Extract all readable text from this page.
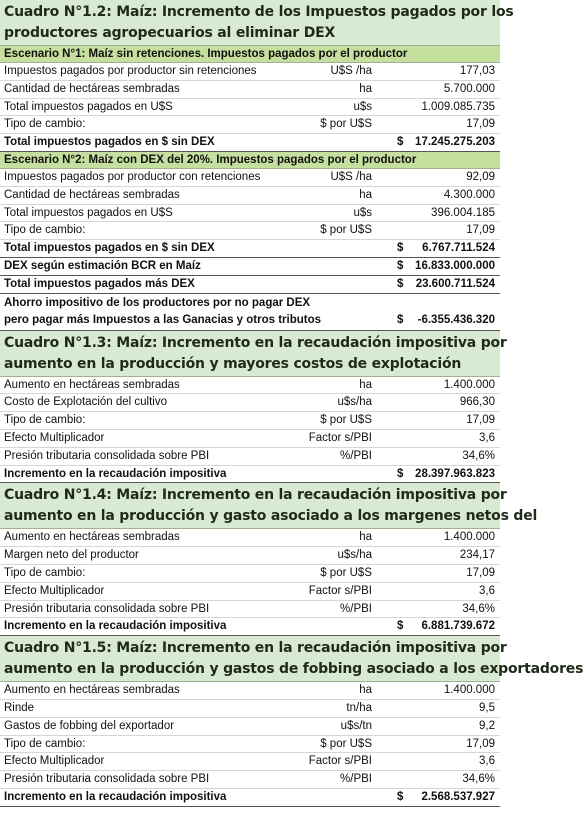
Cuadro N°1.2: Maíz: Incremento de los Impuestos pagados por los
productores agropecuarios al eliminar DEX
Escenario N°1: Maíz sin retenciones. Impuestos pagados por el productor
Impuestos pagados por productor sin retenciones	U$S /ha	177,03
Cantidad de hectáreas sembradas	ha	5.700.000
Total impuestos pagados en U$S	u$s	1.009.085.735
Tipo de cambio:	$ por U$S	17,09
Total impuestos pagados en $ sin DEX	$ 17.245.275.203
Escenario N°2: Maíz con DEX del 20%. Impuestos pagados por el productor
Impuestos pagados por productor con retenciones	U$S /ha	92,09
Cantidad de hectáreas sembradas	ha	4.300.000
Total impuestos pagados en U$S	u$s	396.004.185
Tipo de cambio:	$ por U$S	17,09
Total impuestos pagados en $ sin DEX	$ 6.767.711.524
DEX según estimación BCR en Maíz	$ 16.833.000.000
Total impuestos pagados más DEX	$ 23.600.711.524
Ahorro impositivo de los productores por no pagar DEX
pero pagar más Impuestos a las Ganacias y otros tributos	$ -6.355.436.320
Cuadro N°1.3: Maíz: Incremento en la recaudación impositiva por
aumento en la producción y mayores costos de explotación
Aumento en hectáreas sembradas	ha	1.400.000
Costo de Explotación del cultivo	u$s/ha	966,30
Tipo de cambio:	$ por U$S	17,09
Efecto Multiplicador	Factor s/PBI	3,6
Presión tributaria consolidada sobre PBI	%/PBI	34,6%
Incremento en la recaudación impositiva	$ 28.397.963.823
Cuadro N°1.4: Maíz: Incremento en la recaudación impositiva por
aumento en la producción y gasto asociado a los margenes netos del
Aumento en hectáreas sembradas	ha	1.400.000
Margen neto del productor	u$s/ha	234,17
Tipo de cambio:	$ por U$S	17,09
Efecto Multiplicador	Factor s/PBI	3,6
Presión tributaria consolidada sobre PBI	%/PBI	34,6%
Incremento en la recaudación impositiva	$ 6.881.739.672
Cuadro N°1.5: Maíz: Incremento en la recaudación impositiva por
aumento en la producción y gastos de fobbing asociado a los exportadores
Aumento en hectáreas sembradas	ha	1.400.000
Rinde	tn/ha	9,5
Gastos de fobbing del exportador	u$s/tn	9,2
Tipo de cambio:	$ por U$S	17,09
Efecto Multiplicador	Factor s/PBI	3,6
Presión tributaria consolidada sobre PBI	%/PBI	34,6%
Incremento en la recaudación impositiva	$ 2.568.537.927
